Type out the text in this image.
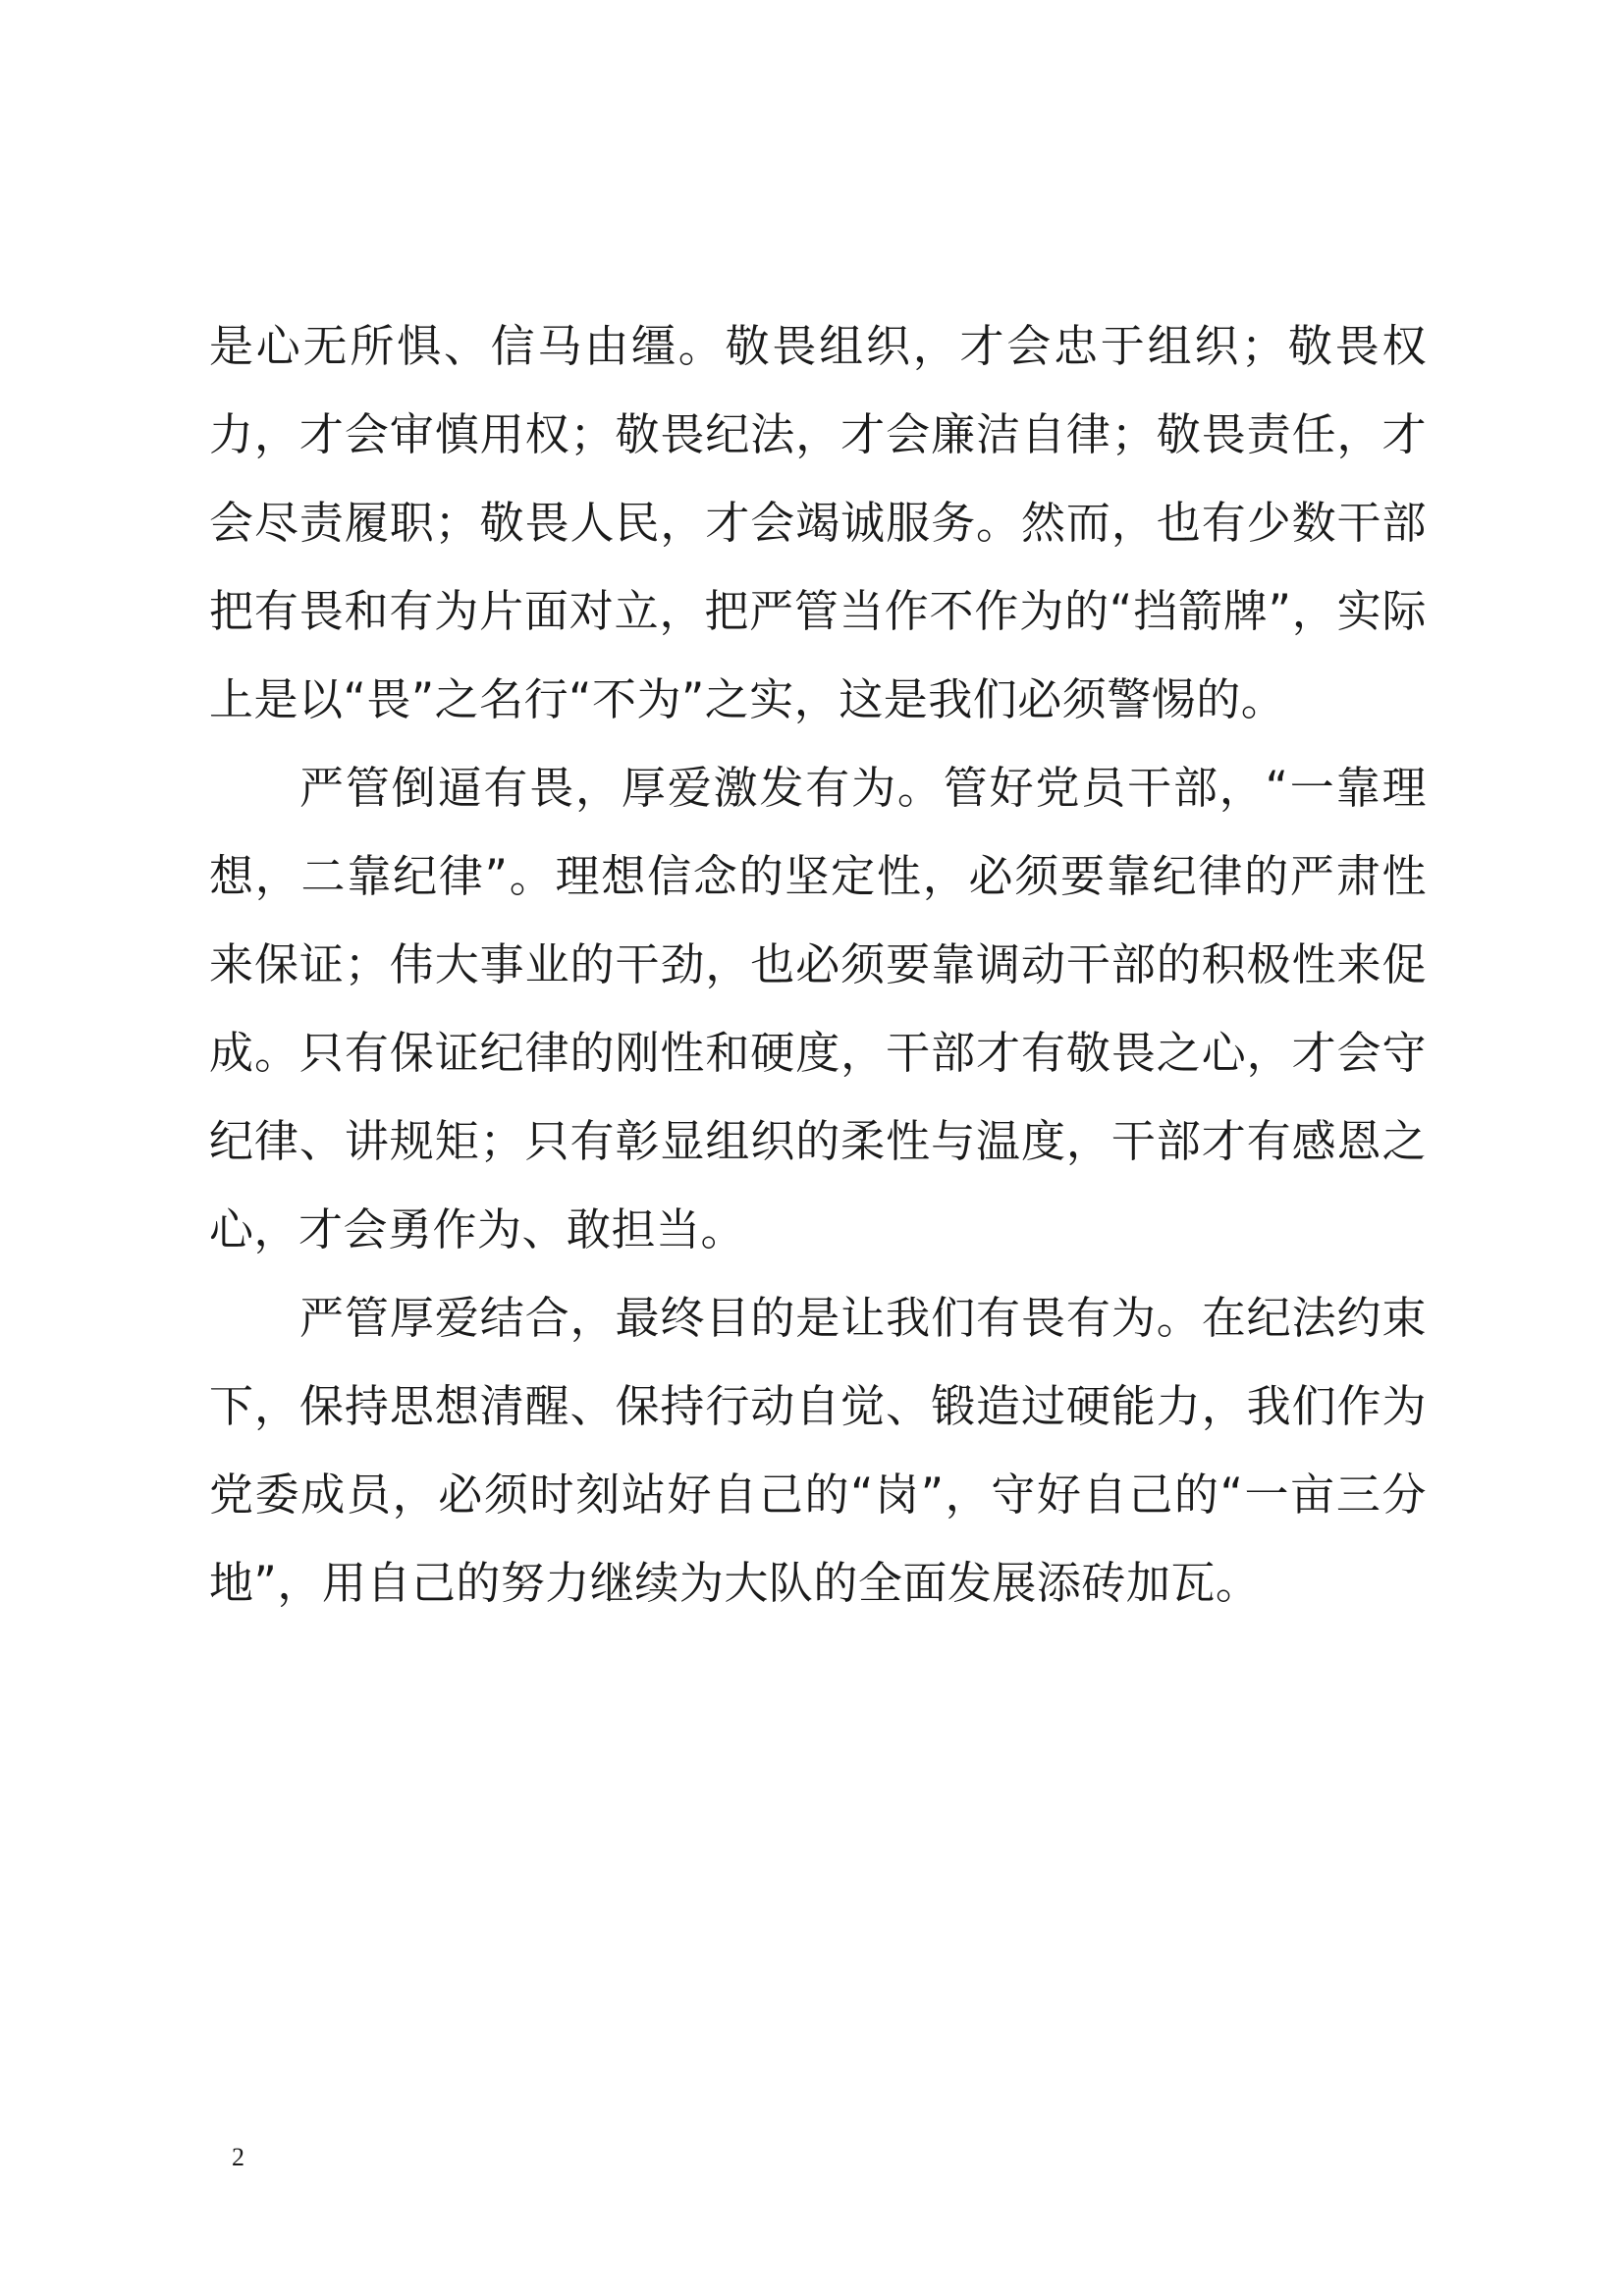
是心无所惧、信马由缰。敬畏组织，才会忠于组织；敬畏权力，才会审慎用权；敬畏纪法，才会廉洁自律；敬畏责任，才会尽责履职；敬畏人民，才会竭诚服务。然而，也有少数干部把有畏和有为片面对立，把严管当作不作为的“挡箭牌”，实际上是以“畏”之名行“不为”之实，这是我们必须警惕的。

严管倒逼有畏，厚爱激发有为。管好党员干部，“一靠理想，二靠纪律”。理想信念的坚定性，必须要靠纪律的严肃性来保证；伟大事业的干劲，也必须要靠调动干部的积极性来促成。只有保证纪律的刚性和硬度，干部才有敬畏之心，才会守纪律、讲规矩；只有彰显组织的柔性与温度，干部才有感恩之心，才会勇作为、敢担当。

严管厚爱结合，最终目的是让我们有畏有为。在纪法约束下，保持思想清醒、保持行动自觉、锻造过硬能力，我们作为党委成员，必须时刻站好自己的“岗”，守好自己的“一亩三分地”，用自己的努力继续为大队的全面发展添砖加瓦。

2
